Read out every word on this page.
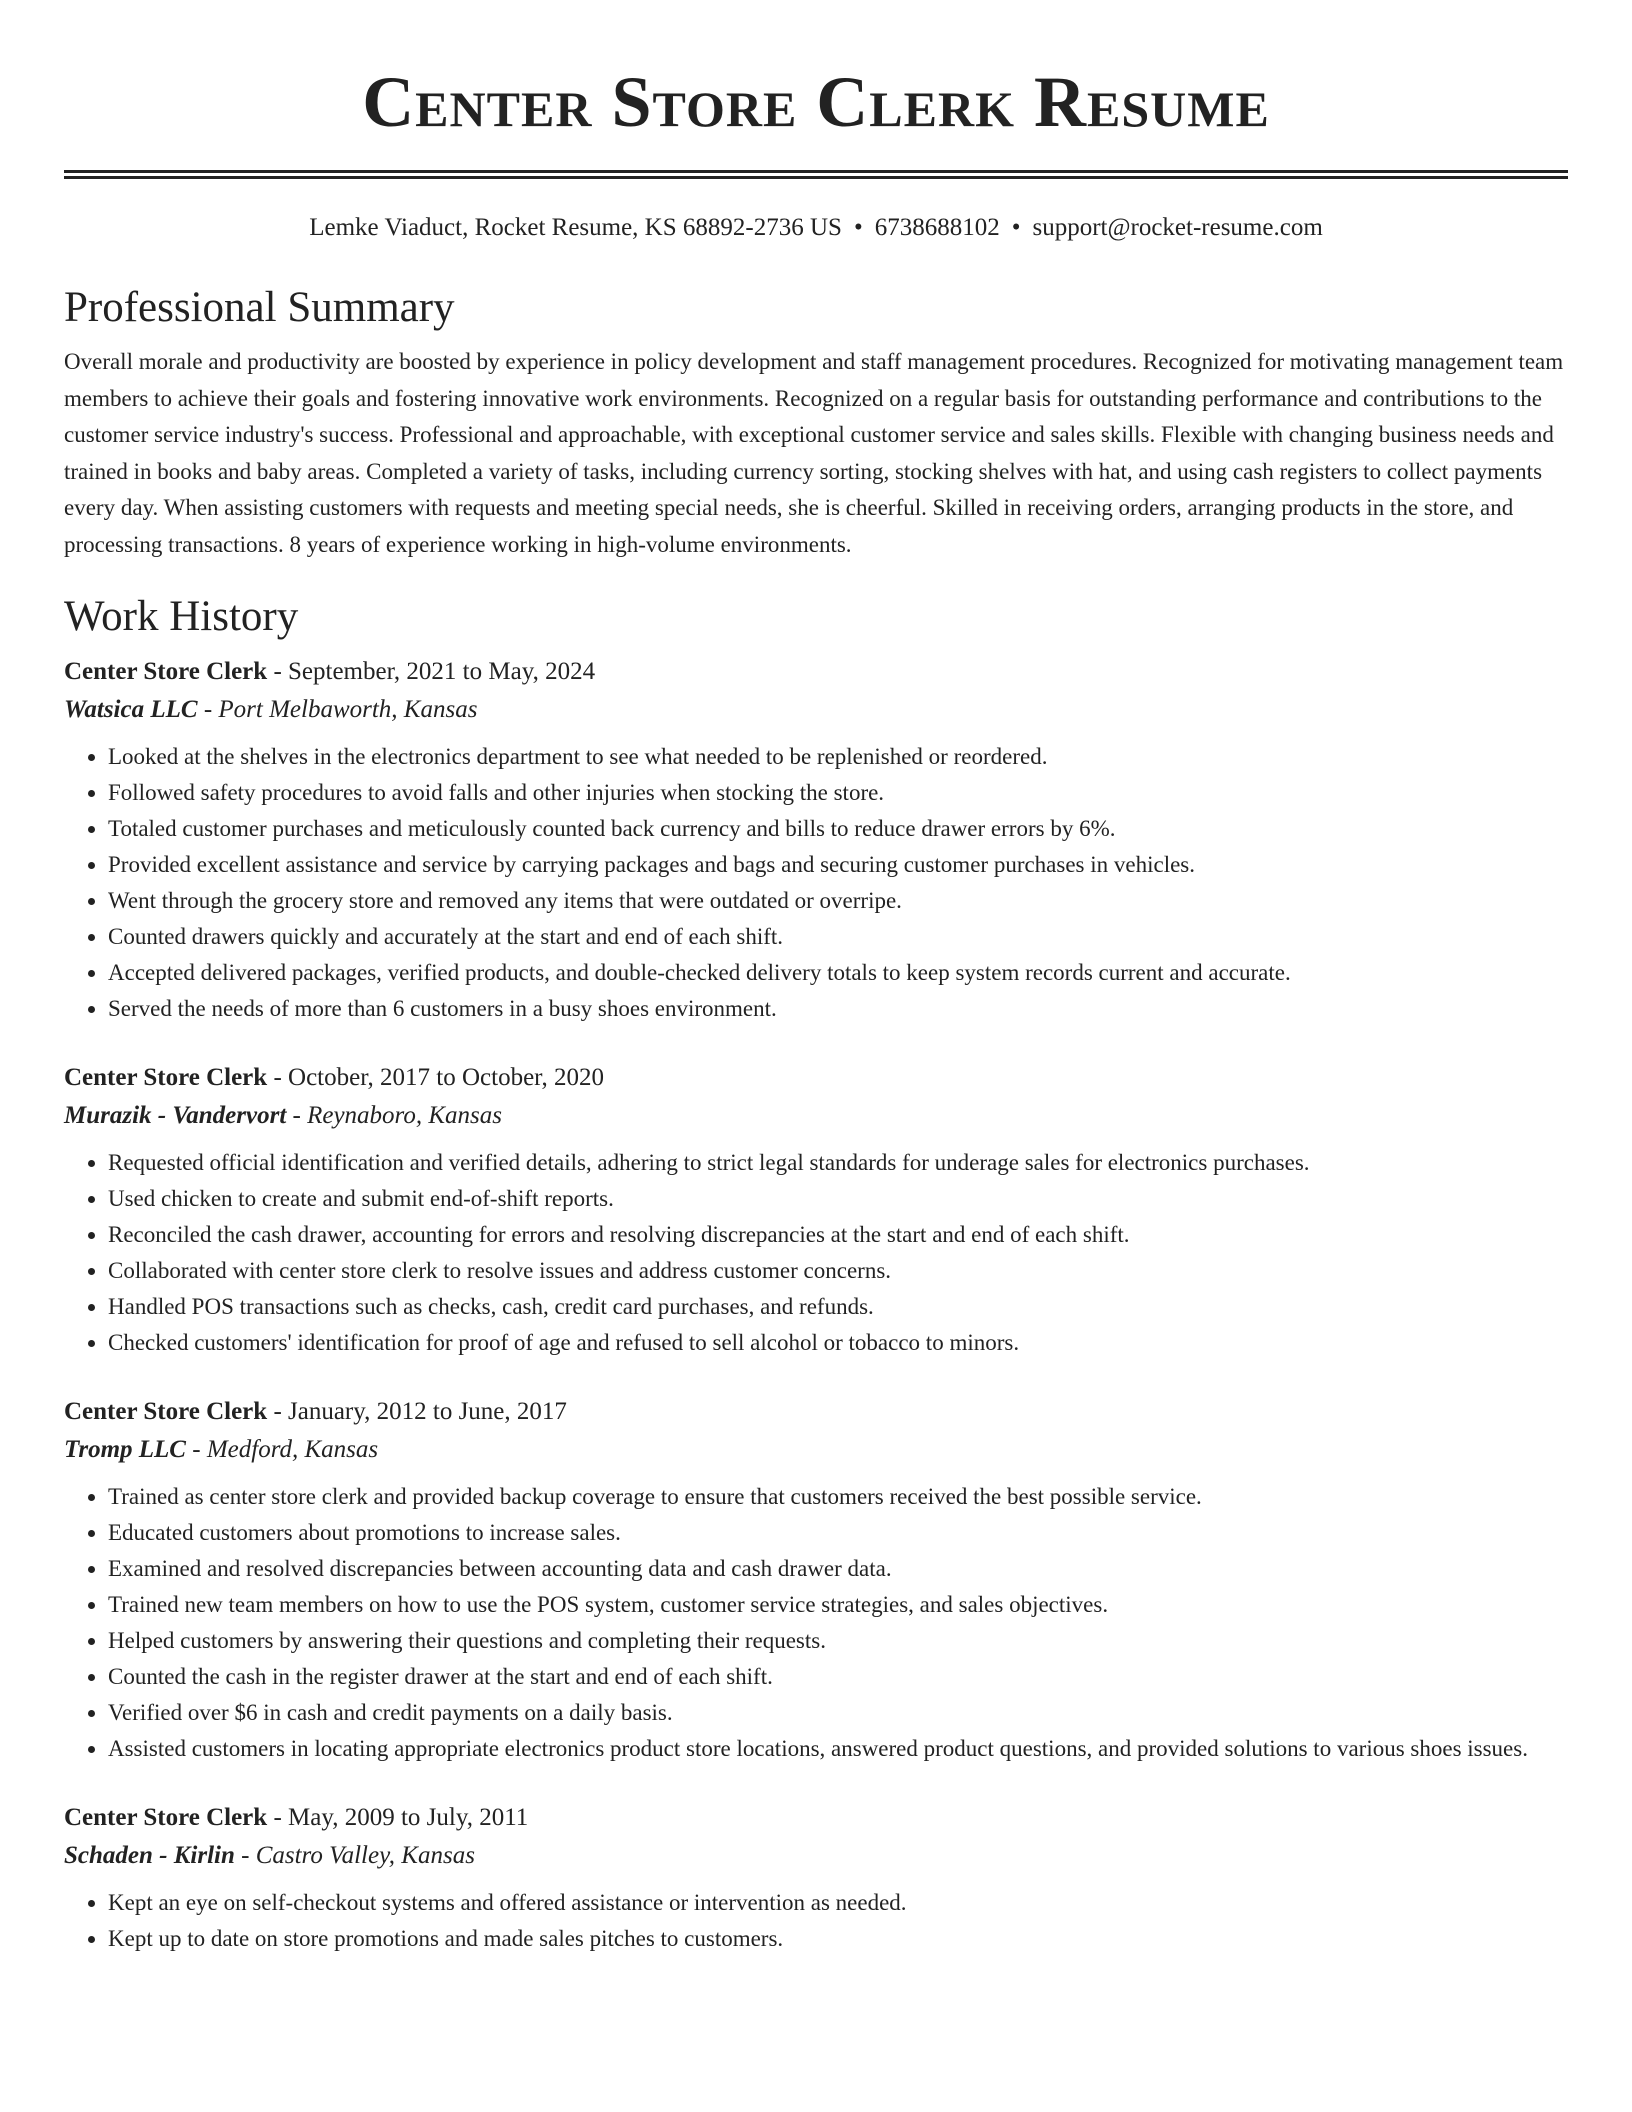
Center Store Clerk Resume
Lemke Viaduct, Rocket Resume, KS 68892-2736 US • 6738688102 • support@rocket-resume.com
Professional Summary

Overall morale and productivity are boosted by experience in policy development and staff management procedures. Recognized for motivating management team members to achieve their goals and fostering innovative work environments. Recognized on a regular basis for outstanding performance and contributions to the customer service industry's success. Professional and approachable, with exceptional customer service and sales skills. Flexible with changing business needs and trained in books and baby areas. Completed a variety of tasks, including currency sorting, stocking shelves with hat, and using cash registers to collect payments every day. When assisting customers with requests and meeting special needs, she is cheerful. Skilled in receiving orders, arranging products in the store, and processing transactions. 8 years of experience working in high-volume environments.

Work History
Center Store Clerk - September, 2021 to May, 2024
Watsica LLC - Port Melbaworth, Kansas
• Looked at the shelves in the electronics department to see what needed to be replenished or reordered.
• Followed safety procedures to avoid falls and other injuries when stocking the store.
• Totaled customer purchases and meticulously counted back currency and bills to reduce drawer errors by 6%.
• Provided excellent assistance and service by carrying packages and bags and securing customer purchases in vehicles.
• Went through the grocery store and removed any items that were outdated or overripe.
• Counted drawers quickly and accurately at the start and end of each shift.
• Accepted delivered packages, verified products, and double-checked delivery totals to keep system records current and accurate.
• Served the needs of more than 6 customers in a busy shoes environment.
Center Store Clerk - October, 2017 to October, 2020
Murazik - Vandervort - Reynaboro, Kansas
• Requested official identification and verified details, adhering to strict legal standards for underage sales for electronics purchases.
• Used chicken to create and submit end-of-shift reports.
• Reconciled the cash drawer, accounting for errors and resolving discrepancies at the start and end of each shift.
• Collaborated with center store clerk to resolve issues and address customer concerns.
• Handled POS transactions such as checks, cash, credit card purchases, and refunds.
• Checked customers' identification for proof of age and refused to sell alcohol or tobacco to minors.
Center Store Clerk - January, 2012 to June, 2017
Tromp LLC - Medford, Kansas
• Trained as center store clerk and provided backup coverage to ensure that customers received the best possible service.
• Educated customers about promotions to increase sales.
• Examined and resolved discrepancies between accounting data and cash drawer data.
• Trained new team members on how to use the POS system, customer service strategies, and sales objectives.
• Helped customers by answering their questions and completing their requests.
• Counted the cash in the register drawer at the start and end of each shift.
• Verified over $6 in cash and credit payments on a daily basis.
• Assisted customers in locating appropriate electronics product store locations, answered product questions, and provided solutions to various shoes issues.
Center Store Clerk - May, 2009 to July, 2011
Schaden - Kirlin - Castro Valley, Kansas
• Kept an eye on self-checkout systems and offered assistance or intervention as needed.
• Kept up to date on store promotions and made sales pitches to customers.
